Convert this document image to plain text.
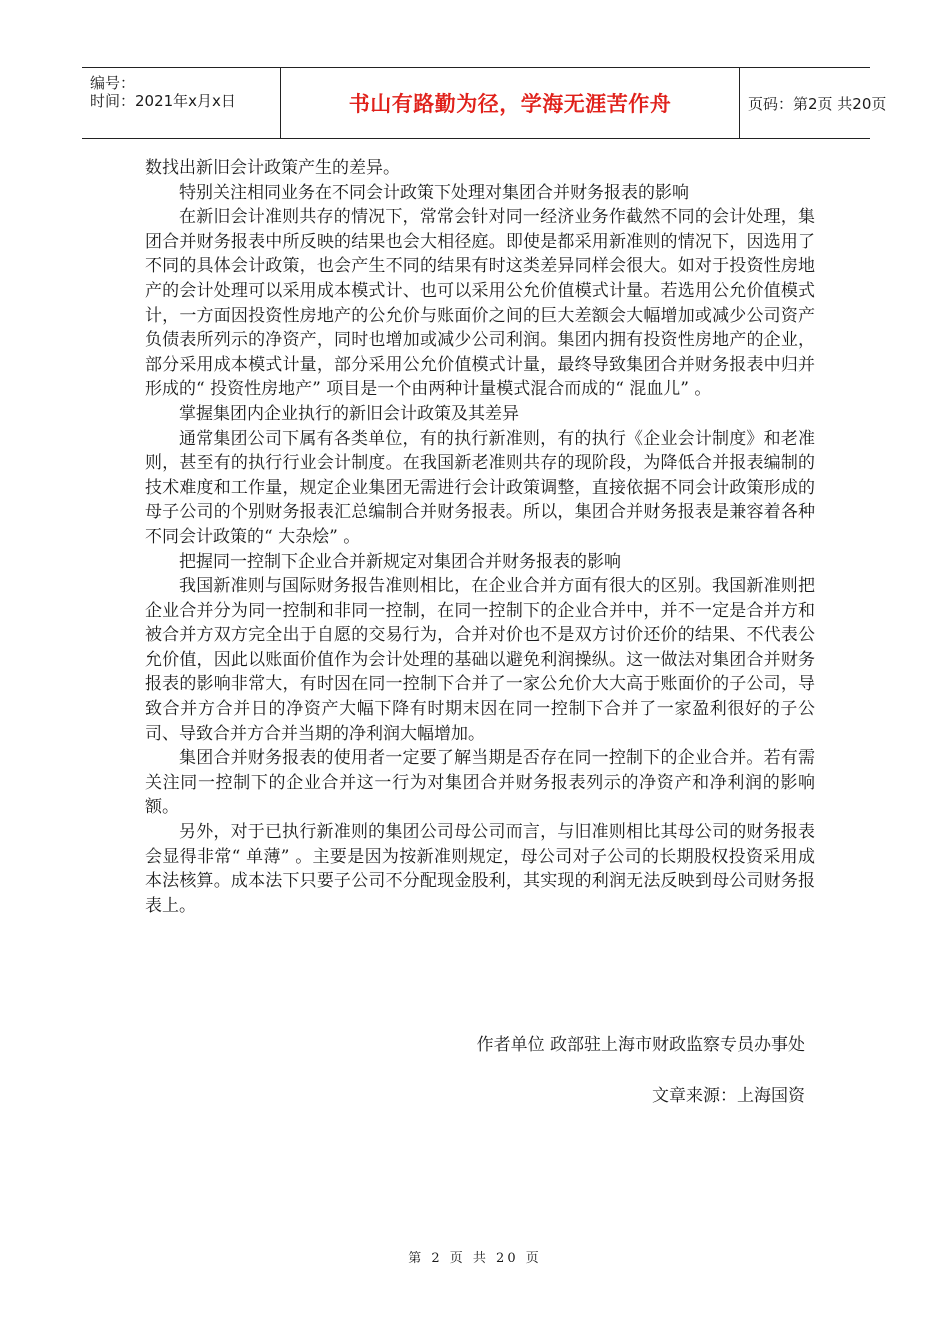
编号：
时间：2021年x月x日	书山有路勤为径，学海无涯苦作舟	页码：第2页 共20页

数找出新旧会计政策产生的差异。

特别关注相同业务在不同会计政策下处理对集团合并财务报表的影响

在新旧会计准则共存的情况下，常常会针对同一经济业务作截然不同的会计处理，集团合并财务报表中所反映的结果也会大相径庭。即使是都采用新准则的情况下，因选用了不同的具体会计政策，也会产生不同的结果有时这类差异同样会很大。如对于投资性房地产的会计处理可以采用成本模式计、也可以采用公允价值模式计量。若选用公允价值模式计，一方面因投资性房地产的公允价与账面价之间的巨大差额会大幅增加或减少公司资产负债表所列示的净资产，同时也增加或减少公司利润。集团内拥有投资性房地产的企业，部分采用成本模式计量，部分采用公允价值模式计量，最终导致集团合并财务报表中归并形成的“ 投资性房地产” 项目是一个由两种计量模式混合而成的“ 混血儿” 。

掌握集团内企业执行的新旧会计政策及其差异

通常集团公司下属有各类单位，有的执行新准则，有的执行《企业会计制度》和老准则，甚至有的执行行业会计制度。在我国新老准则共存的现阶段，为降低合并报表编制的技术难度和工作量，规定企业集团无需进行会计政策调整，直接依据不同会计政策形成的母子公司的个别财务报表汇总编制合并财务报表。所以，集团合并财务报表是兼容着各种不同会计政策的“ 大杂烩” 。

把握同一控制下企业合并新规定对集团合并财务报表的影响

我国新准则与国际财务报告准则相比，在企业合并方面有很大的区别。我国新准则把企业合并分为同一控制和非同一控制，在同一控制下的企业合并中，并不一定是合并方和被合并方双方完全出于自愿的交易行为，合并对价也不是双方讨价还价的结果、不代表公允价值，因此以账面价值作为会计处理的基础以避免利润操纵。这一做法对集团合并财务报表的影响非常大，有时因在同一控制下合并了一家公允价大大高于账面价的子公司，导致合并方合并日的净资产大幅下降有时期末因在同一控制下合并了一家盈利很好的子公司、导致合并方合并当期的净利润大幅增加。

集团合并财务报表的使用者一定要了解当期是否存在同一控制下的企业合并。若有需关注同一控制下的企业合并这一行为对集团合并财务报表列示的净资产和净利润的影响额。

另外，对于已执行新准则的集团公司母公司而言，与旧准则相比其母公司的财务报表会显得非常“ 单薄” 。主要是因为按新准则规定，母公司对子公司的长期股权投资采用成本法核算。成本法下只要子公司不分配现金股利，其实现的利润无法反映到母公司财务报表上。

作者单位 政部驻上海市财政监察专员办事处
文章来源：上海国资
第 2 页 共 20 页
